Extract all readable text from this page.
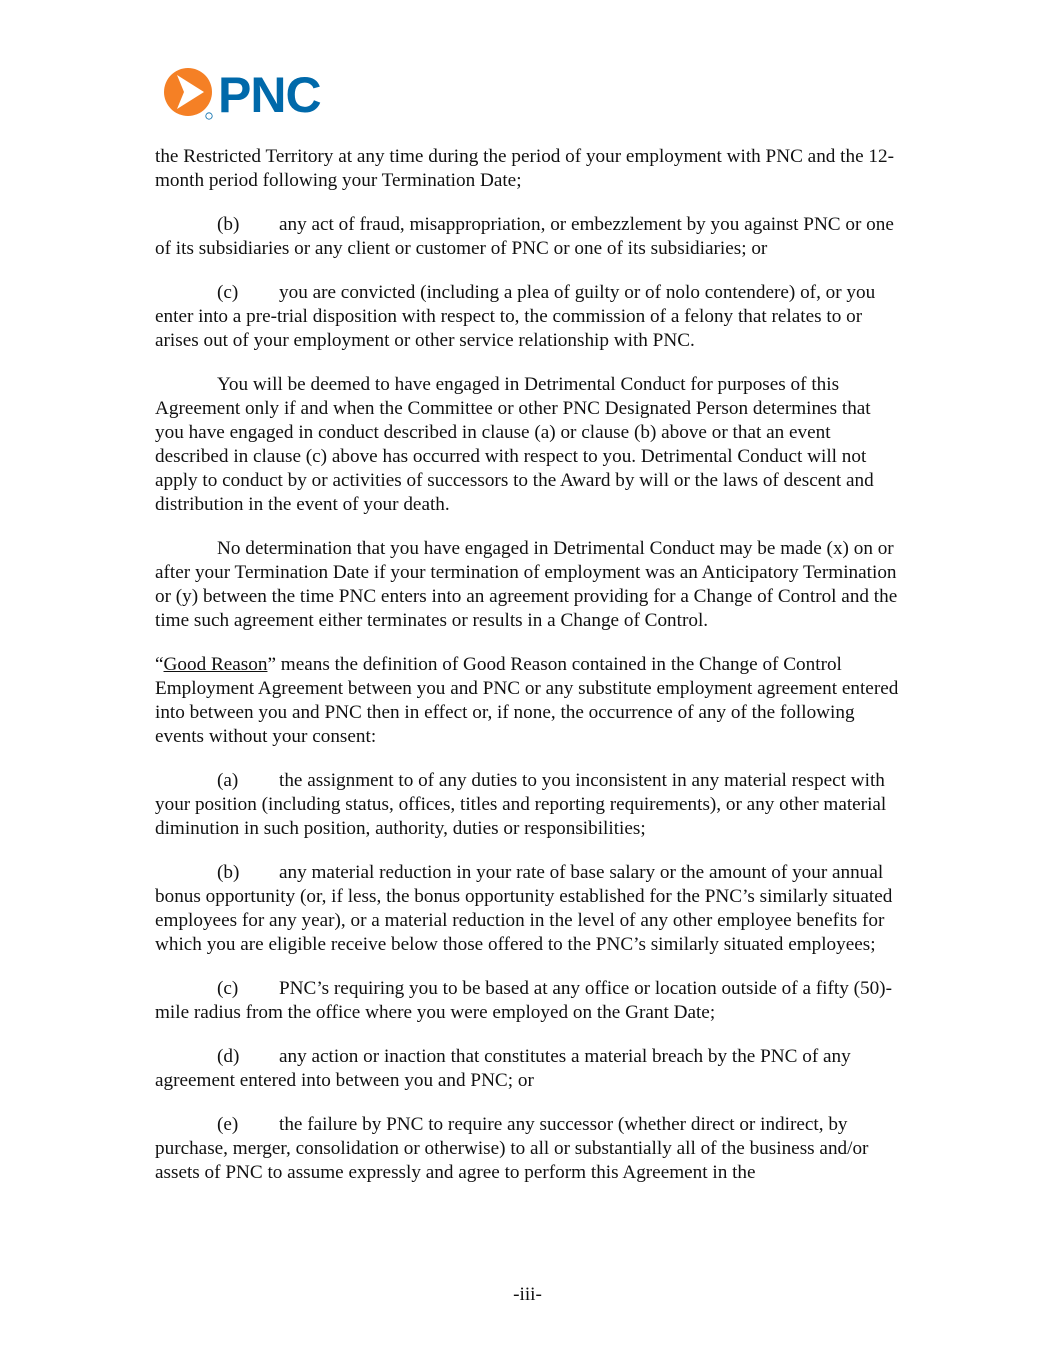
PNC

the Restricted Territory at any time during the period of your employment with PNC and the 12-month period following your Termination Date;

(b) any act of fraud, misappropriation, or embezzlement by you against PNC or one of its subsidiaries or any client or customer of PNC or one of its subsidiaries; or

(c) you are convicted (including a plea of guilty or of nolo contendere) of, or you enter into a pre-trial disposition with respect to, the commission of a felony that relates to or arises out of your employment or other service relationship with PNC.

You will be deemed to have engaged in Detrimental Conduct for purposes of this Agreement only if and when the Committee or other PNC Designated Person determines that you have engaged in conduct described in clause (a) or clause (b) above or that an event described in clause (c) above has occurred with respect to you. Detrimental Conduct will not apply to conduct by or activities of successors to the Award by will or the laws of descent and distribution in the event of your death.

No determination that you have engaged in Detrimental Conduct may be made (x) on or after your Termination Date if your termination of employment was an Anticipatory Termination or (y) between the time PNC enters into an agreement providing for a Change of Control and the time such agreement either terminates or results in a Change of Control.

“Good Reason” means the definition of Good Reason contained in the Change of Control Employment Agreement between you and PNC or any substitute employment agreement entered into between you and PNC then in effect or, if none, the occurrence of any of the following events without your consent:

(a) the assignment to of any duties to you inconsistent in any material respect with your position (including status, offices, titles and reporting requirements), or any other material diminution in such position, authority, duties or responsibilities;

(b) any material reduction in your rate of base salary or the amount of your annual bonus opportunity (or, if less, the bonus opportunity established for the PNC’s similarly situated employees for any year), or a material reduction in the level of any other employee benefits for which you are eligible receive below those offered to the PNC’s similarly situated employees;

(c) PNC’s requiring you to be based at any office or location outside of a fifty (50)-mile radius from the office where you were employed on the Grant Date;

(d) any action or inaction that constitutes a material breach by the PNC of any agreement entered into between you and PNC; or

(e) the failure by PNC to require any successor (whether direct or indirect, by purchase, merger, consolidation or otherwise) to all or substantially all of the business and/or assets of PNC to assume expressly and agree to perform this Agreement in the

-iii-
